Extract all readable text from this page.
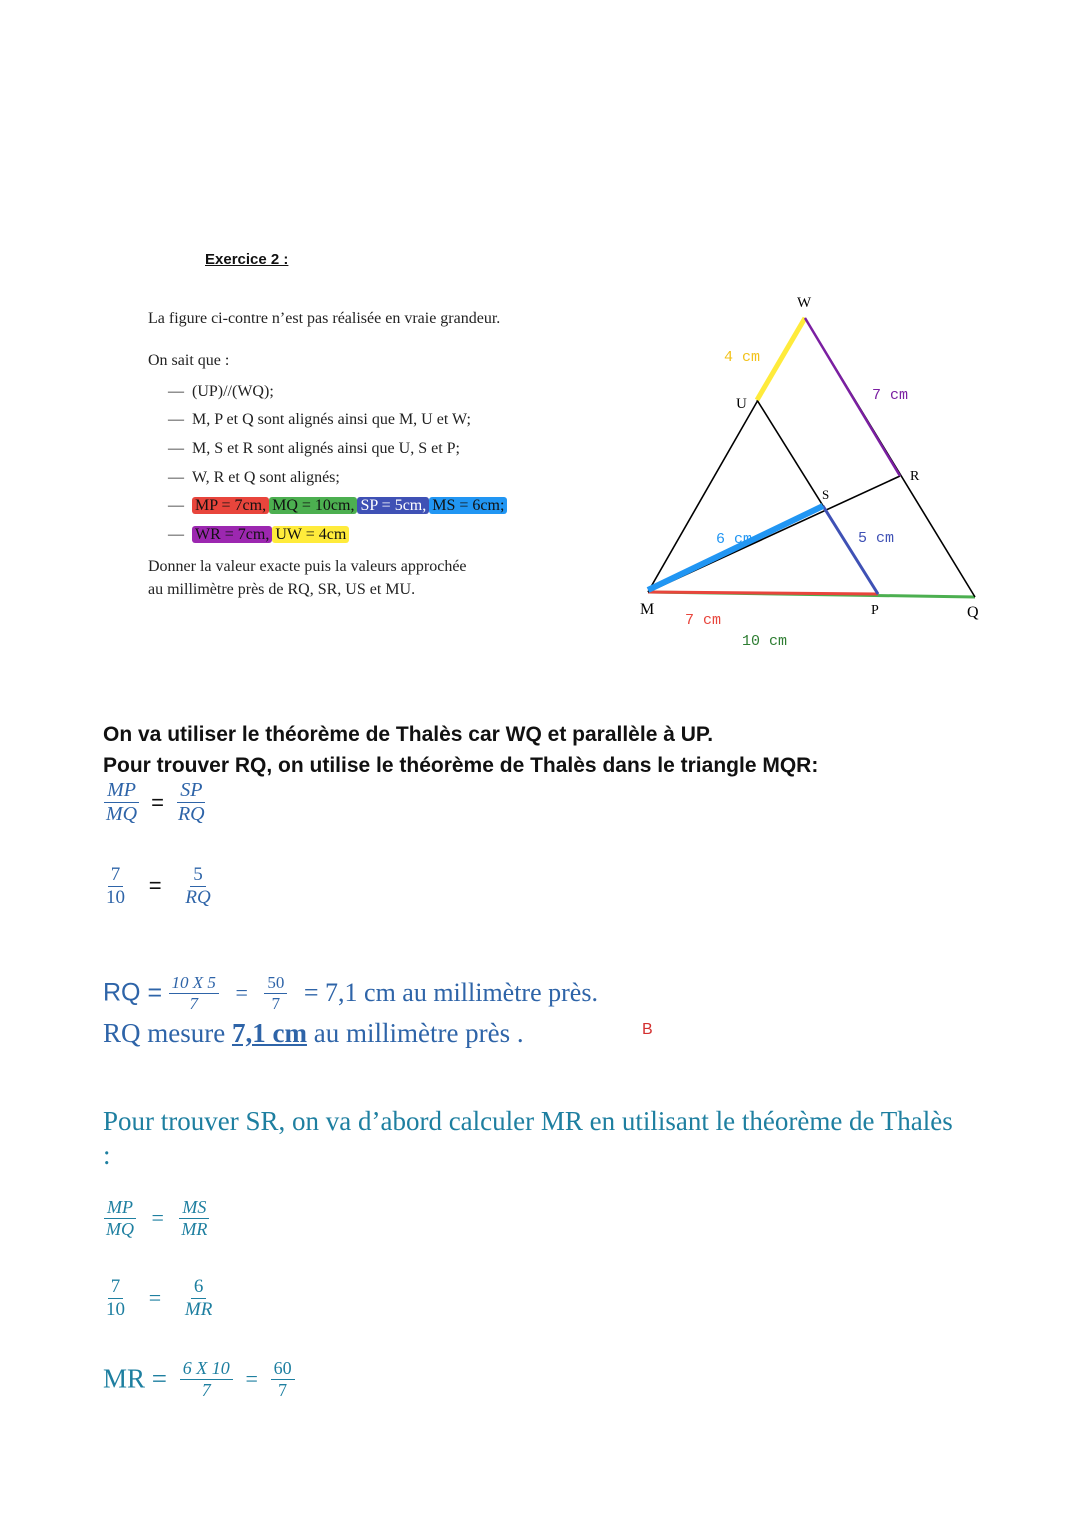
Exercice 2 :
La figure ci-contre n’est pas réalisée en vraie grandeur.
On sait que :
— (UP)//(WQ);
— M, P et Q sont alignés ainsi que M, U et W;
— M, S et R sont alignés ainsi que U, S et P;
— W, R et Q sont alignés;
— MP = 7cm, MQ = 10cm, SP = 5cm, MS = 6cm;
— WR = 7cm, UW = 4cm
Donner la valeur exacte puis la valeurs approchée
au millimètre près de RQ, SR, US et MU.
W
U
S
R
M	P	Q
4 cm
7 cm
6 cm	5 cm
7 cm
10 cm
On va utiliser le théorème de Thalès car WQ et parallèle à UP.
Pour trouver RQ, on utilise le théorème de Thalès dans le triangle MQR:
$\frac{MP}{MQ} = \frac{SP}{RQ}$
$\frac{7}{10} = \frac{5}{RQ}$
RQ = $\frac{10 X 5}{7} = \frac{50}{7} = 7,1$ cm au millimètre près.
RQ mesure 7,1 cm au millimètre près .	B
Pour trouver SR, on va d’abord calculer MR en utilisant le théorème de Thalès :
$\frac{MP}{MQ} = \frac{MS}{MR}$
$\frac{7}{10} = \frac{6}{MR}$
MR = $\frac{6 X 10}{7} = \frac{60}{7}$
